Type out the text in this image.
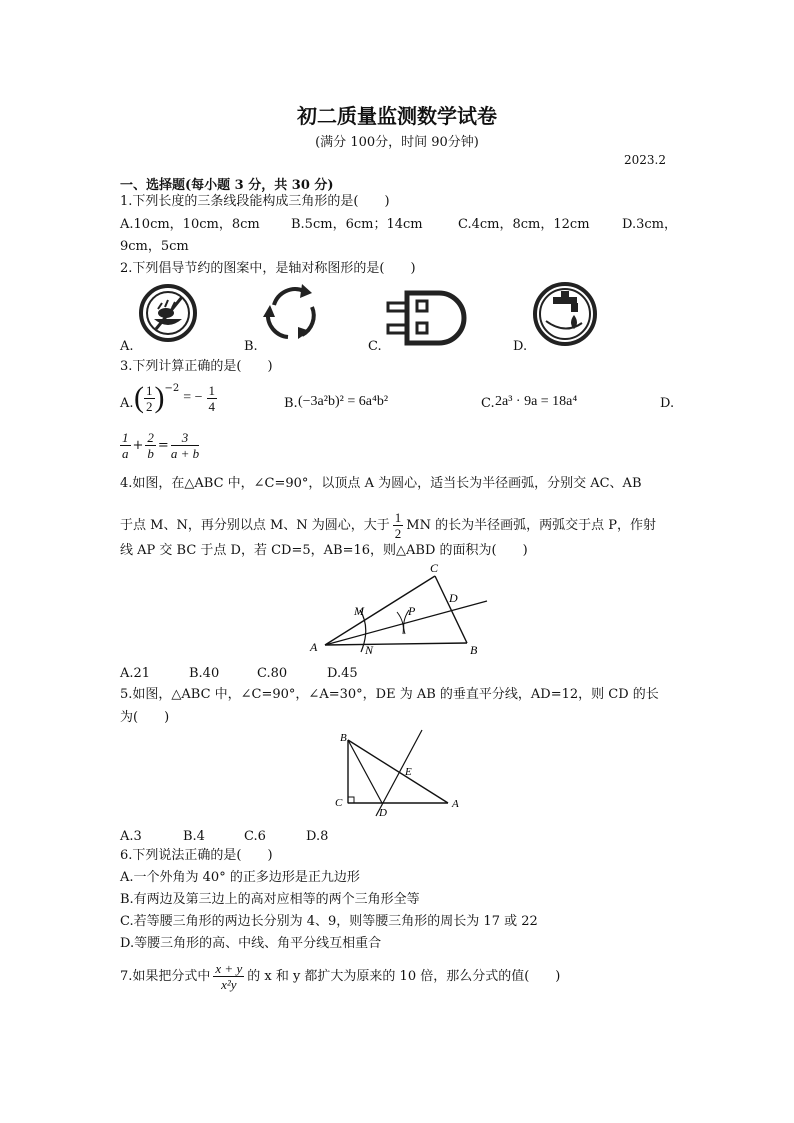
初二质量监测数学试卷
(满分 100分，时间 90分钟)
2023.2
一、选择题(每小题 3 分，共 30 分)
1.下列长度的三条线段能构成三角形的是(　　)
A.10cm，10cm，8cm B.5cm，6cm；14cm	C.4cm，8cm，12cm D.3cm，
9cm，5cm
2.下列倡导节约的图案中，是轴对称图形的是(　　)
A.	B.	C.	D.
3.下列计算正确的是(　　)
A. ( $\frac{1}{2} )^{-2}$
= − $\frac{1}{4}$	B. (−3a²b)² = 6a⁴b²	C. 2a³ · 9a = 18a⁴	D.
$\frac{1}{a} + \frac{2}{b} = \frac{3}{a + b}$
4.如图，在△ABC 中，∠C=90°，以顶点 A 为圆心，适当长为半径画弧，分别交 AC、AB
于点 M、N，再分别以点 M、N 为圆心，大于 $\frac{1}{2}$ MN 的长为半径画弧，两弧交于点 P，作射
线 AP 交 BC 于点 D，若 CD=5，AB=16，则△ABD 的面积为(　　)
A	B
C
D
M
N
P
A.21	B.40	C.80	D.45
5.如图，△ABC 中，∠C=90°，∠A=30°，DE 为 AB 的垂直平分线，AD=12，则 CD 的长
为(　　)
B
C	A
D
E
A.3	B.4	C.6	D.8
6.下列说法正确的是(　　)
A.一个外角为 40° 的正多边形是正九边形
B.有两边及第三边上的高对应相等的两个三角形全等
C.若等腰三角形的两边长分别为 4、9，则等腰三角形的周长为 17 或 22
D.等腰三角形的高、中线、角平分线互相重合
7.如果把分式中 $\frac{x + y}{\text{x²y}}$ 的 x 和 y 都扩大为原来的 10 倍，那么分式的值(　　)
